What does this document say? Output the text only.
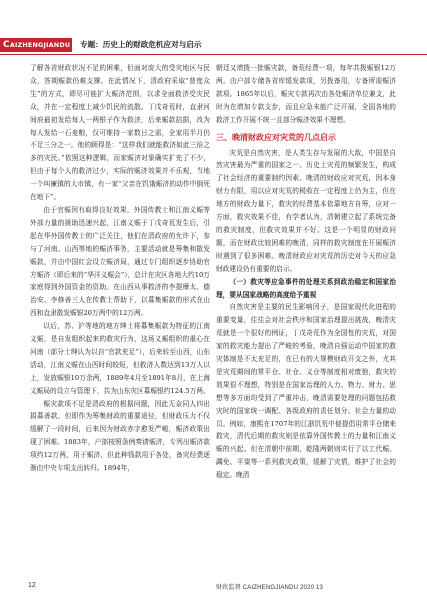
CAIZHENGJIANDU 专题：历史上的财政危机应对与启示

了解各省财政状况不足的困难，但面对庞大的受灾地区与民众，答期赈款仍难支撑。在此情况下，清政府采取“普度众生”的方式，即尽可能扩大赈济范围，以求全面救济受灾民众，并在一定程度上减少饥民的流散。丁戊奇荒时，直隶河间府最初发给每人一两银子作为救济，后来赈款拮据，改为每人发给一石麦粮，仅可维持一家数日之需，全家用半月仍不足三分之一。他的顾得是：“这样我们就能救济如此三倍之多的灾民。”依照这种逻辑，而家赈济对象确实扩充了不少，但由于每个人的救济过少，实际的赈济效果并不乐观，当地一个叫廉镇的大市镇，有一家“父亲在饥饿赈济的动作中倒死在地下”。

由于官赈因有取得良好效果，外国传教士和江南义赈等外部力量的援助迅速兴起，江南义赈于丁戊奇荒发生后，引起在华外国传教士的广泛关注，他们在清政府的允许下，参与了河南、山西等地的赈济事务，主要活动就是筹集和散发赈款，并由中国红会设立赈济局，通过专门组织逐步协助官方赈济（即后来的“华洋义赈会”），总计在灾区各地大约10万家庭得到外国资金的资助。在山西从事救济的李提摩太、德治安、李修善三人在传教士帮助下，以募集赈款的形式在山西和直隶散发赈银20万两中的12万两。

以后，苏、沪等地的地方绅士将募集赈款为特征的江南义赈，是自发组织起来的救灾行为，这场义赈组织的重心在河南（部分士绅认为以自“官款充足”），后来转至山西，山东活动，江南义赈在山西时间较短，但救济人数达到13万人以上，发放赈银10万余两，1889年4月至1891年8月，在上海义赈局的设立与管理下，共为山东灾区募赈银约124.5万两。

赈灾款项不足是清政府的根据问题，因此无奈同人四出捐募善款，但即作为筹集财政的重要途径，但财政压力不仅缓解了一段时间，后来因为财政赤字愈发严峻，赈济政策出现了困难。1883年，户部按照条例奏请赈济，专列出赈济款项约12万两，用于赈济，但此种钱款用于各处，备灾经费逐渐由中央专项支出转归。1894年，

朝廷又增拨一批赈灾款，备荒经费一项，每年共拨赈银12万两。由户部专储各省库缓发款项，另拨备用，专备所需赈济款项。1865年以后，赈灾专款再次由各处赈济单位兼支，此时为在增加专款支步，而且应急未能广泛开展，全国各地的救济工作开展不统一且部分赈济效果不理想。

三、晚清财政应对灾荒的几点启示

灾荒是自然灾害，是人类生存与发展的大敌，中国是自然灾害最为严重的国家之一。历史上灾荒的频繁发生，构成了社会经济的重要制约因素。晚清的财政应对灾荒，因本身财力有限，用以应对灾荒的税收在一定程度上仍为主，但在地方的财政力量下，救灾的经费基本依靠地方自筹，应对一方面，救灾效果不佳，有学者认为，清朝建立起了系统完备的救灾制度，但救灾效果并不好。这是一个明显的财政问题，而在财政比较困难的晚清，同样的救灾制度在开展赈济时遇到了很多困难。晚清财政应对灾荒的历史对今天的应急财政建设仍有重要的启示。

（一）救灾等应急事件的处理关系到政治稳定和国家治理，要从国家战略的高度给予重视

自然灾害是主要的民生影响因子，是国家现代化进程的重要变量，往往会对社会秩序和国家治理提出挑战，晚清灾荒就是一个很好的例证，丁戊奇荒作为全国性的灾荒，对国家的救灾能力提出了严峻的考验，晚清自强运动中国家的救灾体制是不太充足的，在已有的大规模财政开支之外，尤其是灾荒期间的常平仓、社仓、义仓等制度相对废弛，救灾的效果很不理想，特别是在国家治理的人力、物力、财力、思想等多方面均受到了严重冲击，晚清需要处理的问题包括救灾时的国家统一调配、各级政府的责任划分、社会力量的动员。例如，康熙在1707年的江浙饥荒中便提倡用常平仓储来救灾，清代后期的救灾则是依靠外国传教士的力量和江南义赈的兴起。但在清朝中前期，乾隆两朝则实行了以工代赈、蠲免、平粜等一系列救灾政策，缓解了灾情，维护了社会的稳定。晚清

12	财政监督 CAIZHENGJIANDU 2020 13
